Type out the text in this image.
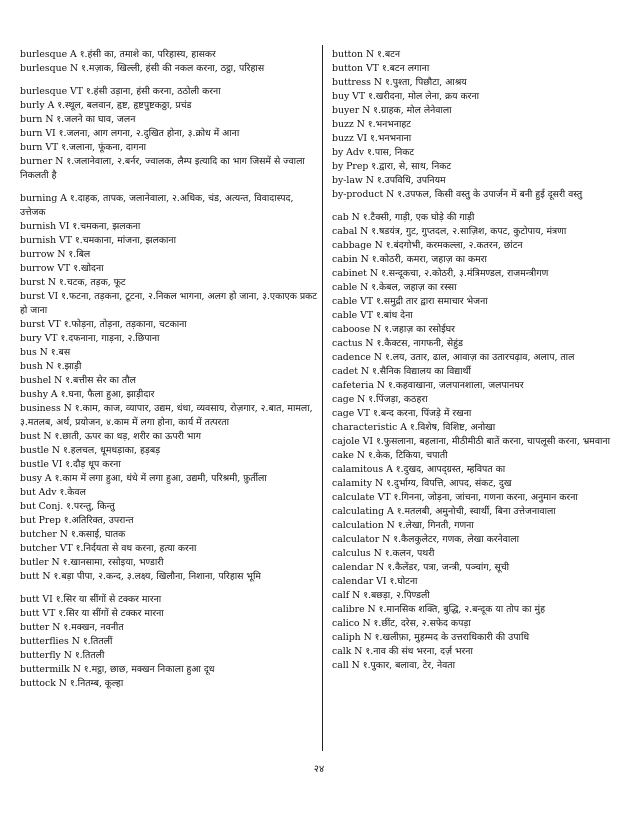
burlesque A १.हंसी का, तमाशे का, परिहास्य, हासकर
burlesque N १.मज़ाक, खिल्ली, हंसी की नकल करना, ठट्ठा, परिहास
burlesque VT १.हंसी उड़ाना, हंसी करना, ठठोली करना
burly A १.स्थूल, बलवान, हृष्ट, हृष्टपुष्टकठ्ठा, प्रचंड
burn N १.जलने का घाव, जलन
burn VI १.जलना, आग लगना, २.दुखित होना, ३.क्रोध में आना
burn VT १.जलाना, फूंकना, दागना
burner N १.जलानेवाला, २.बर्नर, ज्वालक, लैम्प इत्यादि का भाग जिसमें से ज्वाला निकलती है
burning A १.दाहक, तापक, जलानेवाला, २.अधिक, चंड, अत्यन्त, विवादास्पद, उत्तेजक
burnish VI १.चमकना, झलकना
burnish VT १.चमकाना, मांजना, झलकाना
burrow N १.बिल
burrow VT १.खोदना
burst N १.चटक, तड़क, फूट
burst VI १.फटना, तड़कना, टूटना, २.निकल भागना, अलग हो जाना, ३.एकाएक प्रकट हो जाना
burst VT १.फोड़ना, तोड़ना, तड़काना, चटकाना
bury VT १.दफनाना, गाड़ना, २.छिपाना
bus N १.बस
bush N १.झाड़ी
bushel N १.बत्तीस सेर का तौल
bushy A १.घना, फैला हुआ, झाड़ीदार
business N १.काम, काज, व्यापार, उद्यम, धंधा, व्यवसाय, रोज़गार, २.बात, मामला, ३.मतलब, अर्थ, प्रयोजन, ४.काम में लगा होना, कार्य में तत्परता
bust N १.छाती, ऊपर का धड़, शरीर का ऊपरी भाग
bustle N १.हलचल, धूमधड़ाका, हड़बड़
bustle VI १.दौड़ धूप करना
busy A १.काम में लगा हुआ, धंधे में लगा हुआ, उद्यमी, परिश्रमी, फ़ुर्तीला
but Adv १.केवल
but Conj. १.परन्तु, किन्तु
but Prep १.अतिरिक्त, उपरान्त
butcher N १.कसाई, घातक
butcher VT १.निर्दयता से वध करना, हत्या करना
butler N १.खानसामा, रसोइया, भण्डारी
butt N १.बड़ा पीपा, २.कन्द, ३.लक्ष्य, खिलौना, निशाना, परिहास भूमि
butt VI १.सिर या सींगों से टक्कर मारना
butt VT १.सिर या सींगों से टक्कर मारना
butter N १.मक्खन, नवनीत
butterflies N १.तितलीं
butterfly N १.तितली
buttermilk N १.मट्ठा, छाछ, मक्खन निकाला हुआ दूध
buttock N १.नितम्ब, कूल्हा
button N १.बटन
button VT १.बटन लगाना
buttress N १.पुश्ता, पिछौटा, आश्रय
buy VT १.खरीदना, मोल लेना, क्रय करना
buyer N १.ग्राहक, मोल लेनेवाला
buzz N १.भनभनाहट
buzz VI १.भनभनाना
by Adv १.पास, निकट
by Prep १.द्वारा, से, साथ, निकट
by-law N १.उपविधि, उपनियम
by-product N १.उपफल, किसी वस्तु के उपार्जन में बनी हुई दूसरी वस्तु
cab N १.टैक्सी, गाड़ी, एक घोड़े की गाड़ी
cabal N १.षडयंत्र, गुट, गुप्तदल, २.साज़िश, कपट, कुटोपाय, मंत्रणा
cabbage N १.बंदगोभी, करमकल्ला, २.कतरन, छांटन
cabin N १.कोठरी, कमरा, जहाज़ का कमरा
cabinet N १.सन्दूकचा, २.कोठरी, ३.मंत्रिमण्डल, राजमन्त्रीगण
cable N १.केबल, जहाज़ का रस्सा
cable VT १.समुद्री तार द्वारा समाचार भेजना
cable VT १.बांध देना
caboose N १.जहाज़ का रसोईघर
cactus N १.कैक्टस, नागफनी, सेहुंड
cadence N १.लय, उतार, ढाल, आवाज़ का उतारचढ़ाव, अलाप, ताल
cadet N १.सैनिक विद्यालय का विद्यार्थी
cafeteria N १.कहवाखाना, जलपानशाला, जलपानघर
cage N १.पिंजड़ा, कठहरा
cage VT १.बन्द करना, पिंजड़े में रखना
characteristic A १.विशेष, विशिष्ट, अनोखा
cajole VI १.फुसलाना, बहलाना, मीठीमीठी बातें करना, चापलूसी करना, भ्रमवाना
cake N १.केक, टिकिया, चपाती
calamitous A १.दुखद, आपद्ग्रस्त, म्हविपत का
calamity N १.दुर्भाग्य, विपत्ति, आपद, संकट, दुख
calculate VT १.गिनना, जोड़ना, जांचना, गणना करना, अनुमान करना
calculating A १.मतलबी, अमुनोची, स्वार्थी, बिना उत्तेजनावाला
calculation N १.लेखा, गिनती, गणना
calculator N १.कैलकुलेटर, गणक, लेखा करनेवाला
calculus N १.कलन, पथरी
calendar N १.कैलेंडर, पत्रा, जन्त्री, पञ्चांग, सूची
calendar VI १.घोटना
calf N १.बछड़ा, २.पिण्डली
calibre N १.मानसिक शक्ति, बुद्धि, २.बन्दूक या तोप का मुंह
calico N १.छींट, दरेस, २.सफेद कपड़ा
caliph N १.खलीफ़ा, मुहम्मद के उत्तराधिकारी की उपाधि
calk N १.नाव की संध भरना, दर्ज़ भरना
call N १.पुकार, बलावा, टेर, नेवता
२४
